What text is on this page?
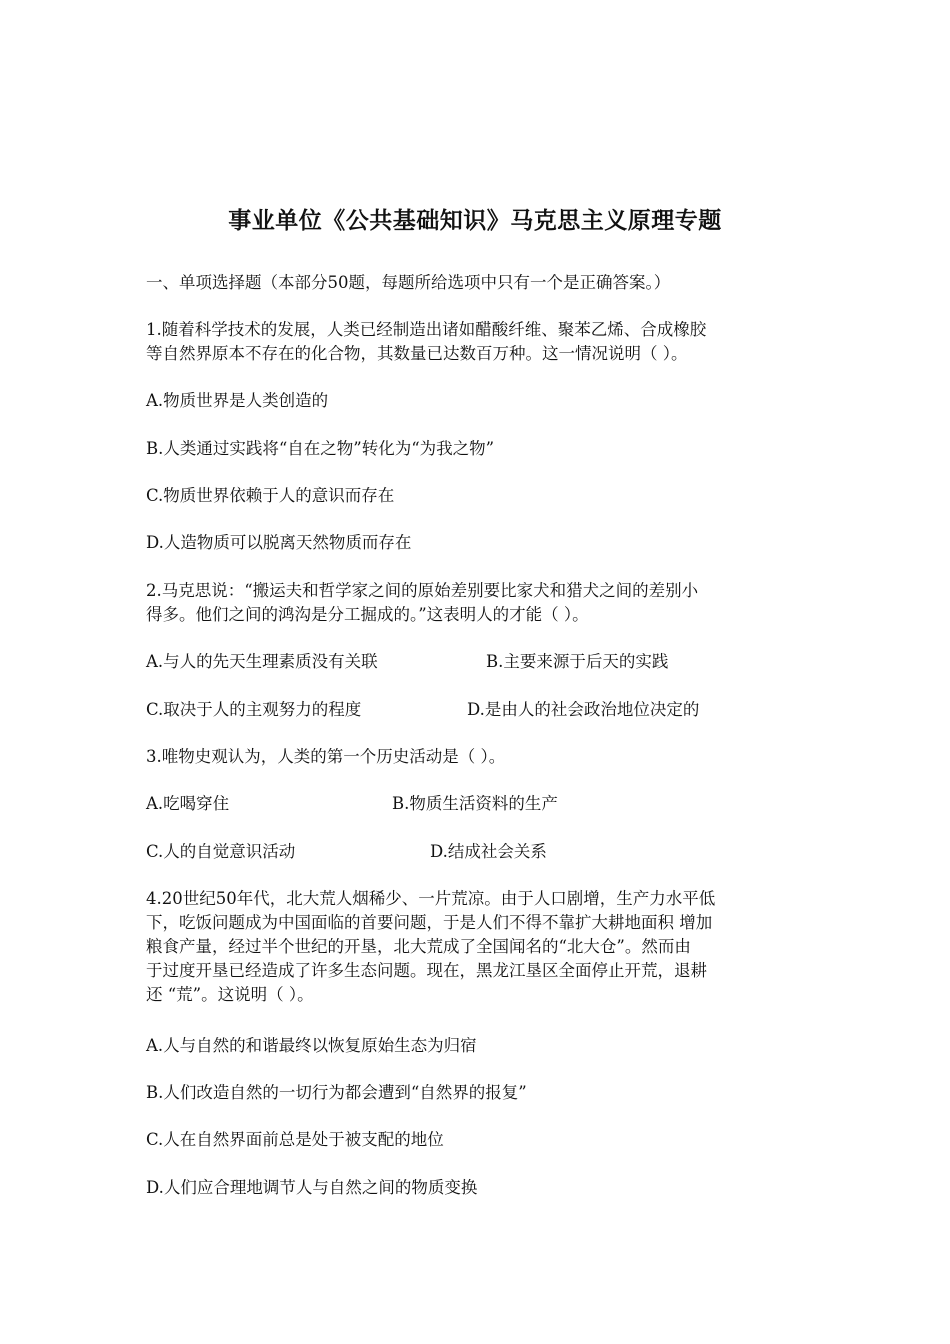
事业单位《公共基础知识》马克思主义原理专题
一、单项选择题（本部分50题，每题所给选项中只有一个是正确答案。）
1.随着科学技术的发展，人类已经制造出诸如醋酸纤维、聚苯乙烯、合成橡胶
等自然界原本不存在的化合物，其数量已达数百万种。这一情况说明（ ）。
A.物质世界是人类创造的
B.人类通过实践将“自在之物”转化为“为我之物”
C.物质世界依赖于人的意识而存在
D.人造物质可以脱离天然物质而存在
2.马克思说：“搬运夫和哲学家之间的原始差别要比家犬和猎犬之间的差别小
得多。他们之间的鸿沟是分工掘成的。”这表明人的才能（ ）。
A.与人的先天生理素质没有关联	B.主要来源于后天的实践
C.取决于人的主观努力的程度	D.是由人的社会政治地位决定的
3.唯物史观认为，人类的第一个历史活动是（ ）。
A.吃喝穿住	B.物质生活资料的生产
C.人的自觉意识活动	D.结成社会关系
4.20世纪50年代，北大荒人烟稀少、一片荒凉。由于人口剧增，生产力水平低
下，吃饭问题成为中国面临的首要问题，于是人们不得不靠扩大耕地面积 增加
粮食产量，经过半个世纪的开垦，北大荒成了全国闻名的“北大仓”。然而由
于过度开垦已经造成了许多生态问题。现在，黑龙江垦区全面停止开荒，退耕
还 “荒”。这说明（ ）。
A.人与自然的和谐最终以恢复原始生态为归宿
B.人们改造自然的一切行为都会遭到“自然界的报复”
C.人在自然界面前总是处于被支配的地位
D.人们应合理地调节人与自然之间的物质变换
